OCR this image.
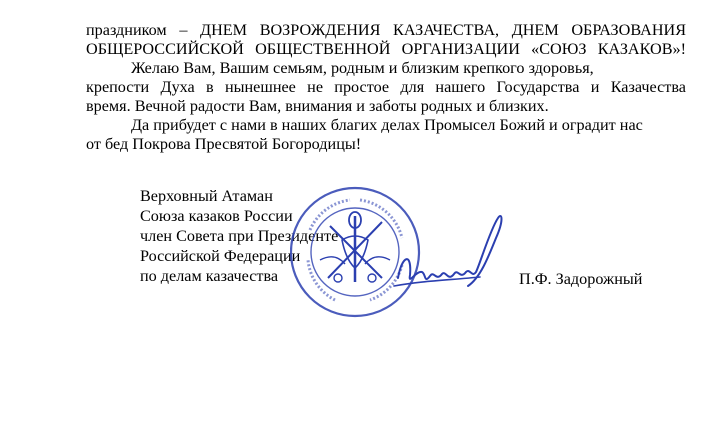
праздником – ДНЕМ ВОЗРОЖДЕНИЯ КАЗАЧЕСТВА, ДНЕМ ОБРАЗОВАНИЯ
ОБЩЕРОССИЙСКОЙ ОБЩЕСТВЕННОЙ ОРГАНИЗАЦИИ «СОЮЗ КАЗАКОВ»!
Желаю Вам, Вашим семьям, родным и близким крепкого здоровья,
крепости Духа в нынешнее не простое для нашего Государства и Казачества
время. Вечной радости Вам, внимания и заботы родных и близких.
Да прибудет с нами в наших благих делах Промысел Божий и оградит нас
от бед Покрова Пресвятой Богородицы!
Верховный Атаман
Союза казаков России
член Совета при Президенте
Российской Федерации
по делам казачества	П.Ф. Задорожный
